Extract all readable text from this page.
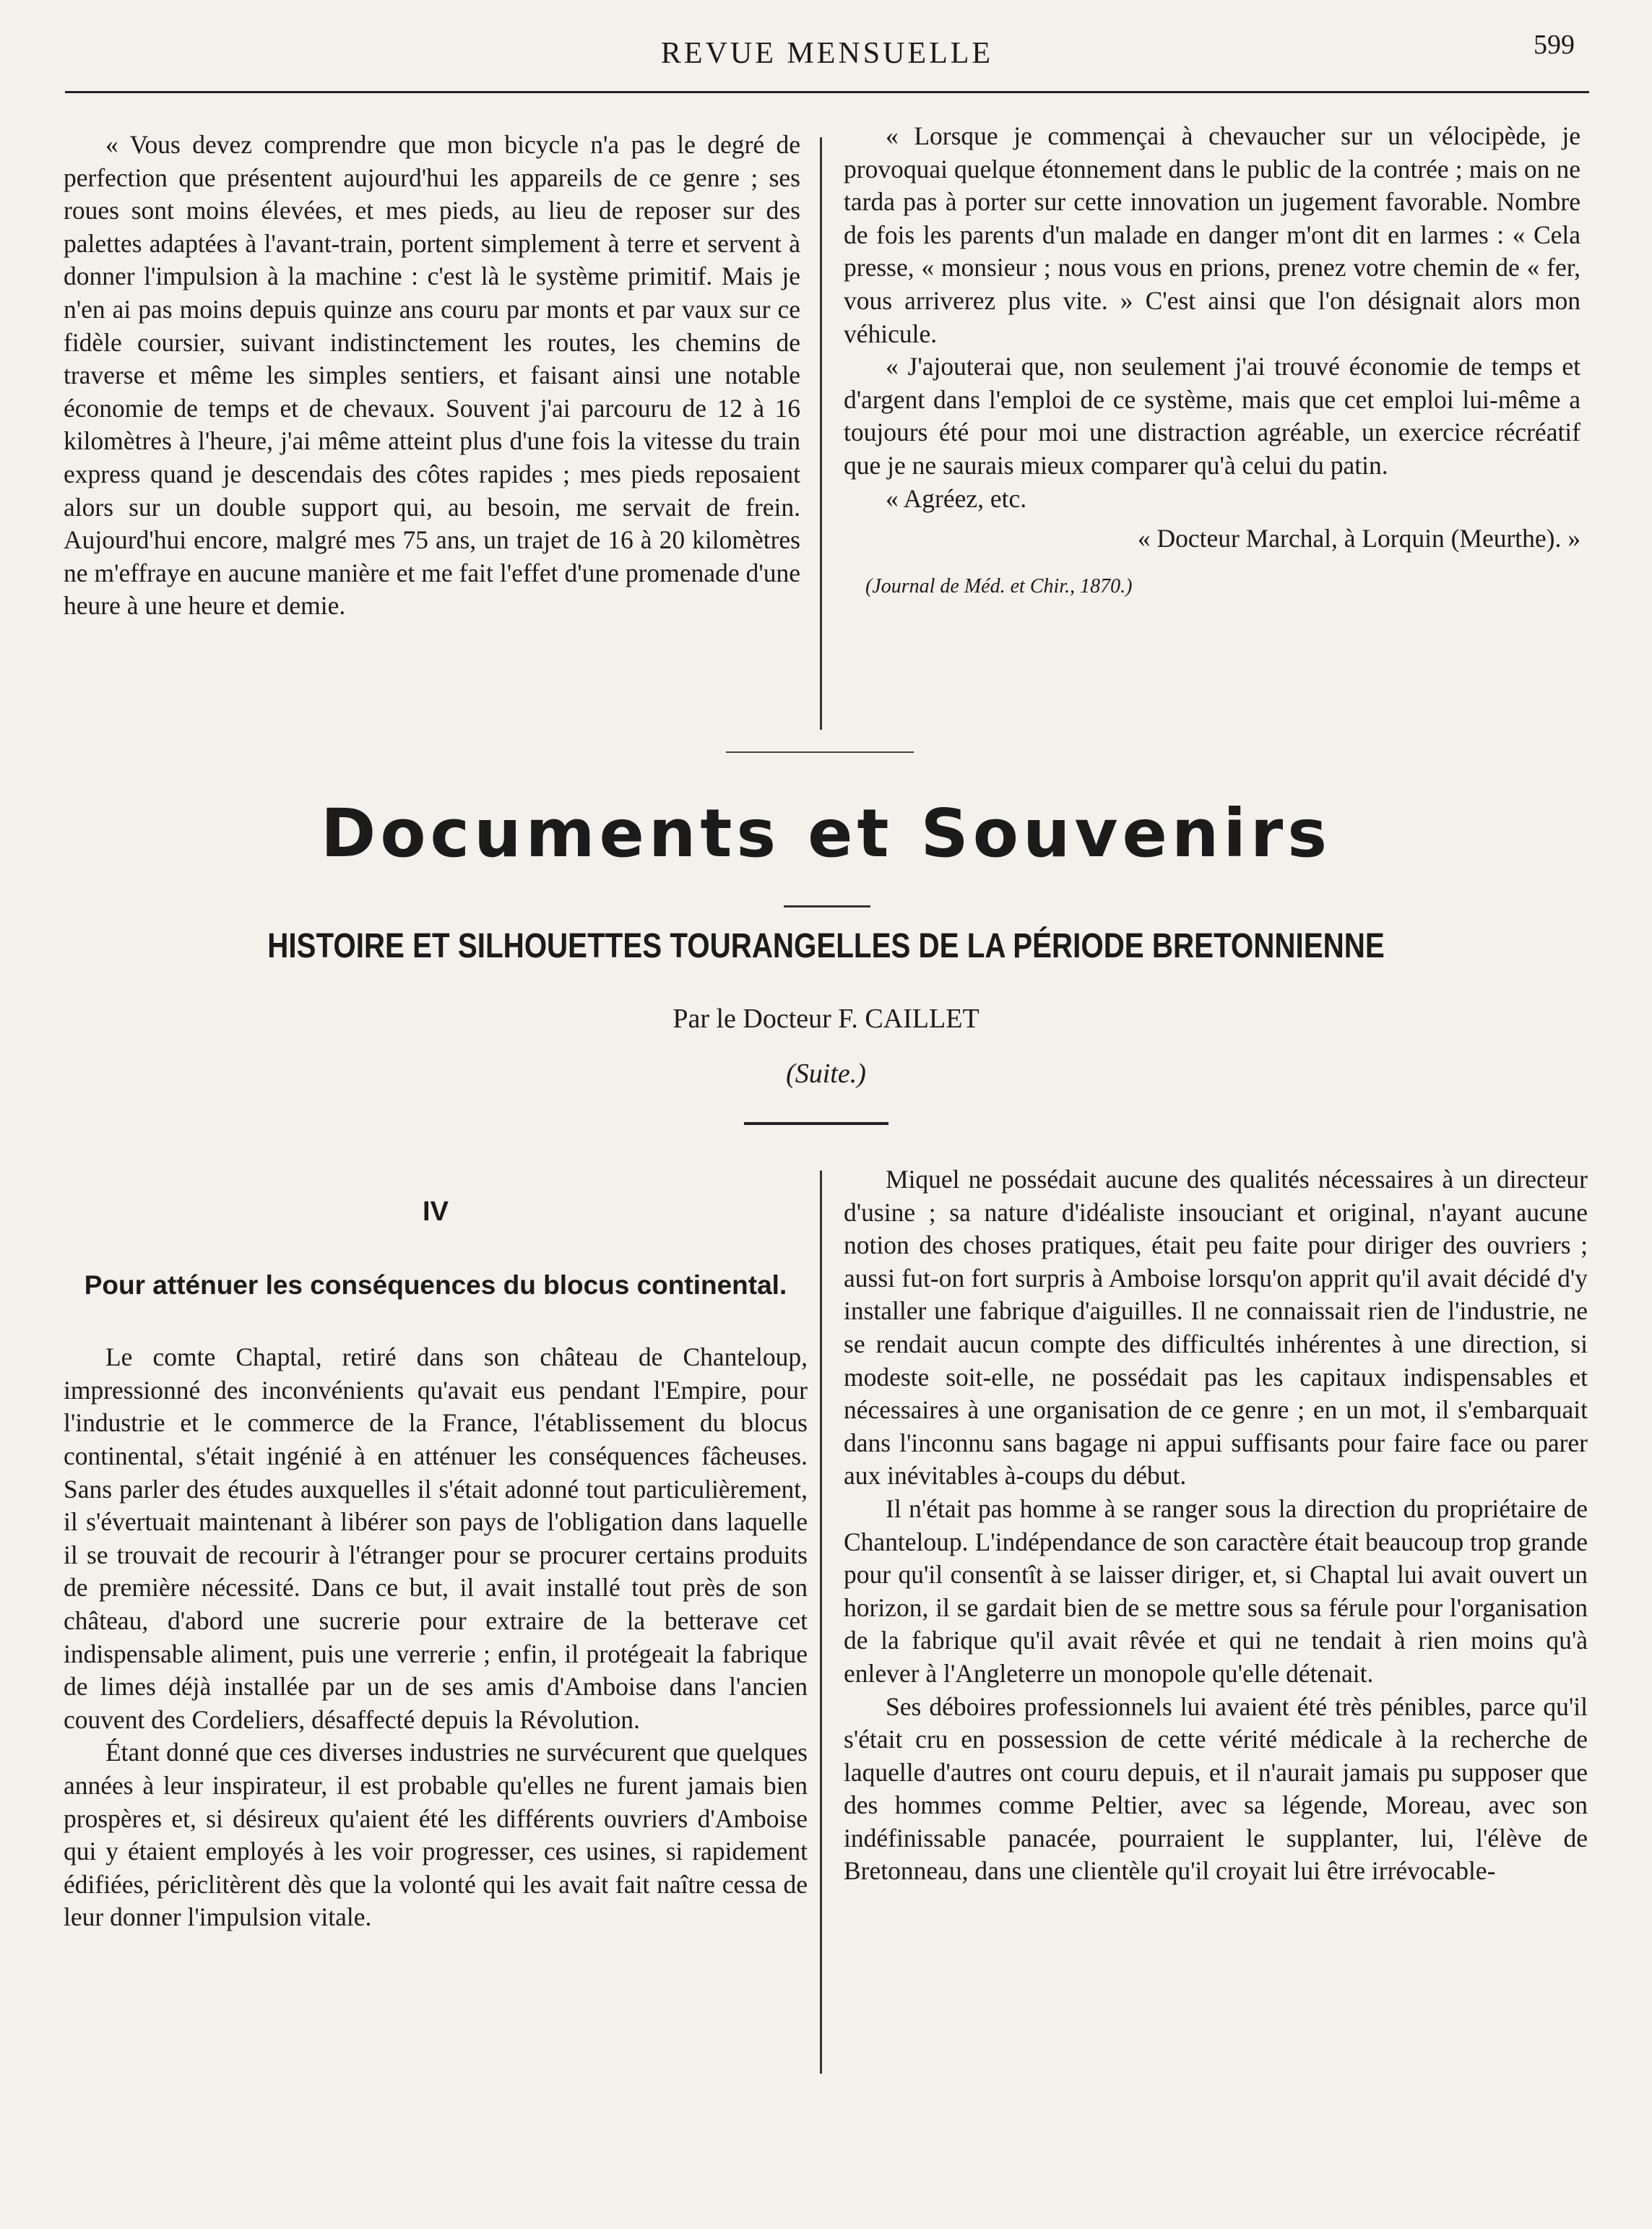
REVUE MENSUELLE	599

« Vous devez comprendre que mon bicycle n'a pas le degré de perfection que présentent aujourd'hui les appareils de ce genre ; ses roues sont moins élevées, et mes pieds, au lieu de reposer sur des palettes adaptées à l'avant-train, portent simplement à terre et servent à donner l'impulsion à la machine : c'est là le système primitif. Mais je n'en ai pas moins depuis quinze ans couru par monts et par vaux sur ce fidèle coursier, suivant indistinctement les routes, les chemins de traverse et même les simples sentiers, et faisant ainsi une notable économie de temps et de chevaux. Souvent j'ai parcouru de 12 à 16 kilomètres à l'heure, j'ai même atteint plus d'une fois la vitesse du train express quand je descendais des côtes rapides ; mes pieds reposaient alors sur un double support qui, au besoin, me servait de frein. Aujourd'hui encore, malgré mes 75 ans, un trajet de 16 à 20 kilomètres ne m'effraye en aucune manière et me fait l'effet d'une promenade d'une heure à une heure et demie.

« Lorsque je commençai à chevaucher sur un vélocipède, je provoquai quelque étonnement dans le public de la contrée ; mais on ne tarda pas à porter sur cette innovation un jugement favorable. Nombre de fois les parents d'un malade en danger m'ont dit en larmes : « Cela presse, « monsieur ; nous vous en prions, prenez votre chemin de « fer, vous arriverez plus vite. » C'est ainsi que l'on désignait alors mon véhicule.

« J'ajouterai que, non seulement j'ai trouvé économie de temps et d'argent dans l'emploi de ce système, mais que cet emploi lui-même a toujours été pour moi une distraction agréable, un exercice récréatif que je ne saurais mieux comparer qu'à celui du patin.

« Agréez, etc.

« Docteur Marchal, à Lorquin (Meurthe). »

(Journal de Méd. et Chir., 1870.)

Documents et Souvenirs
HISTOIRE ET SILHOUETTES TOURANGELLES DE LA PÉRIODE BRETONNIENNE
Par le Docteur F. CAILLET
(Suite.)

IV

Pour atténuer les conséquences du blocus continental.

Le comte Chaptal, retiré dans son château de Chanteloup, impressionné des inconvénients qu'avait eus pendant l'Empire, pour l'industrie et le commerce de la France, l'établissement du blocus continental, s'était ingénié à en atténuer les conséquences fâcheuses. Sans parler des études auxquelles il s'était adonné tout particulièrement, il s'évertuait maintenant à libérer son pays de l'obligation dans laquelle il se trouvait de recourir à l'étranger pour se procurer certains produits de première nécessité. Dans ce but, il avait installé tout près de son château, d'abord une sucrerie pour extraire de la betterave cet indispensable aliment, puis une verrerie ; enfin, il protégeait la fabrique de limes déjà installée par un de ses amis d'Amboise dans l'ancien couvent des Cordeliers, désaffecté depuis la Révolution.

Étant donné que ces diverses industries ne survécurent que quelques années à leur inspirateur, il est probable qu'elles ne furent jamais bien prospères et, si désireux qu'aient été les différents ouvriers d'Amboise qui y étaient employés à les voir progresser, ces usines, si rapidement édifiées, périclitèrent dès que la volonté qui les avait fait naître cessa de leur donner l'impulsion vitale.

Miquel ne possédait aucune des qualités nécessaires à un directeur d'usine ; sa nature d'idéaliste insouciant et original, n'ayant aucune notion des choses pratiques, était peu faite pour diriger des ouvriers ; aussi fut-on fort surpris à Amboise lorsqu'on apprit qu'il avait décidé d'y installer une fabrique d'aiguilles. Il ne connaissait rien de l'industrie, ne se rendait aucun compte des difficultés inhérentes à une direction, si modeste soit-elle, ne possédait pas les capitaux indispensables et nécessaires à une organisation de ce genre ; en un mot, il s'embarquait dans l'inconnu sans bagage ni appui suffisants pour faire face ou parer aux inévitables à-coups du début.

Il n'était pas homme à se ranger sous la direction du propriétaire de Chanteloup. L'indépendance de son caractère était beaucoup trop grande pour qu'il consentît à se laisser diriger, et, si Chaptal lui avait ouvert un horizon, il se gardait bien de se mettre sous sa férule pour l'organisation de la fabrique qu'il avait rêvée et qui ne tendait à rien moins qu'à enlever à l'Angleterre un monopole qu'elle détenait.

Ses déboires professionnels lui avaient été très pénibles, parce qu'il s'était cru en possession de cette vérité médicale à la recherche de laquelle d'autres ont couru depuis, et il n'aurait jamais pu supposer que des hommes comme Peltier, avec sa légende, Moreau, avec son indéfinissable panacée, pourraient le supplanter, lui, l'élève de Bretonneau, dans une clientèle qu'il croyait lui être irrévocable-
